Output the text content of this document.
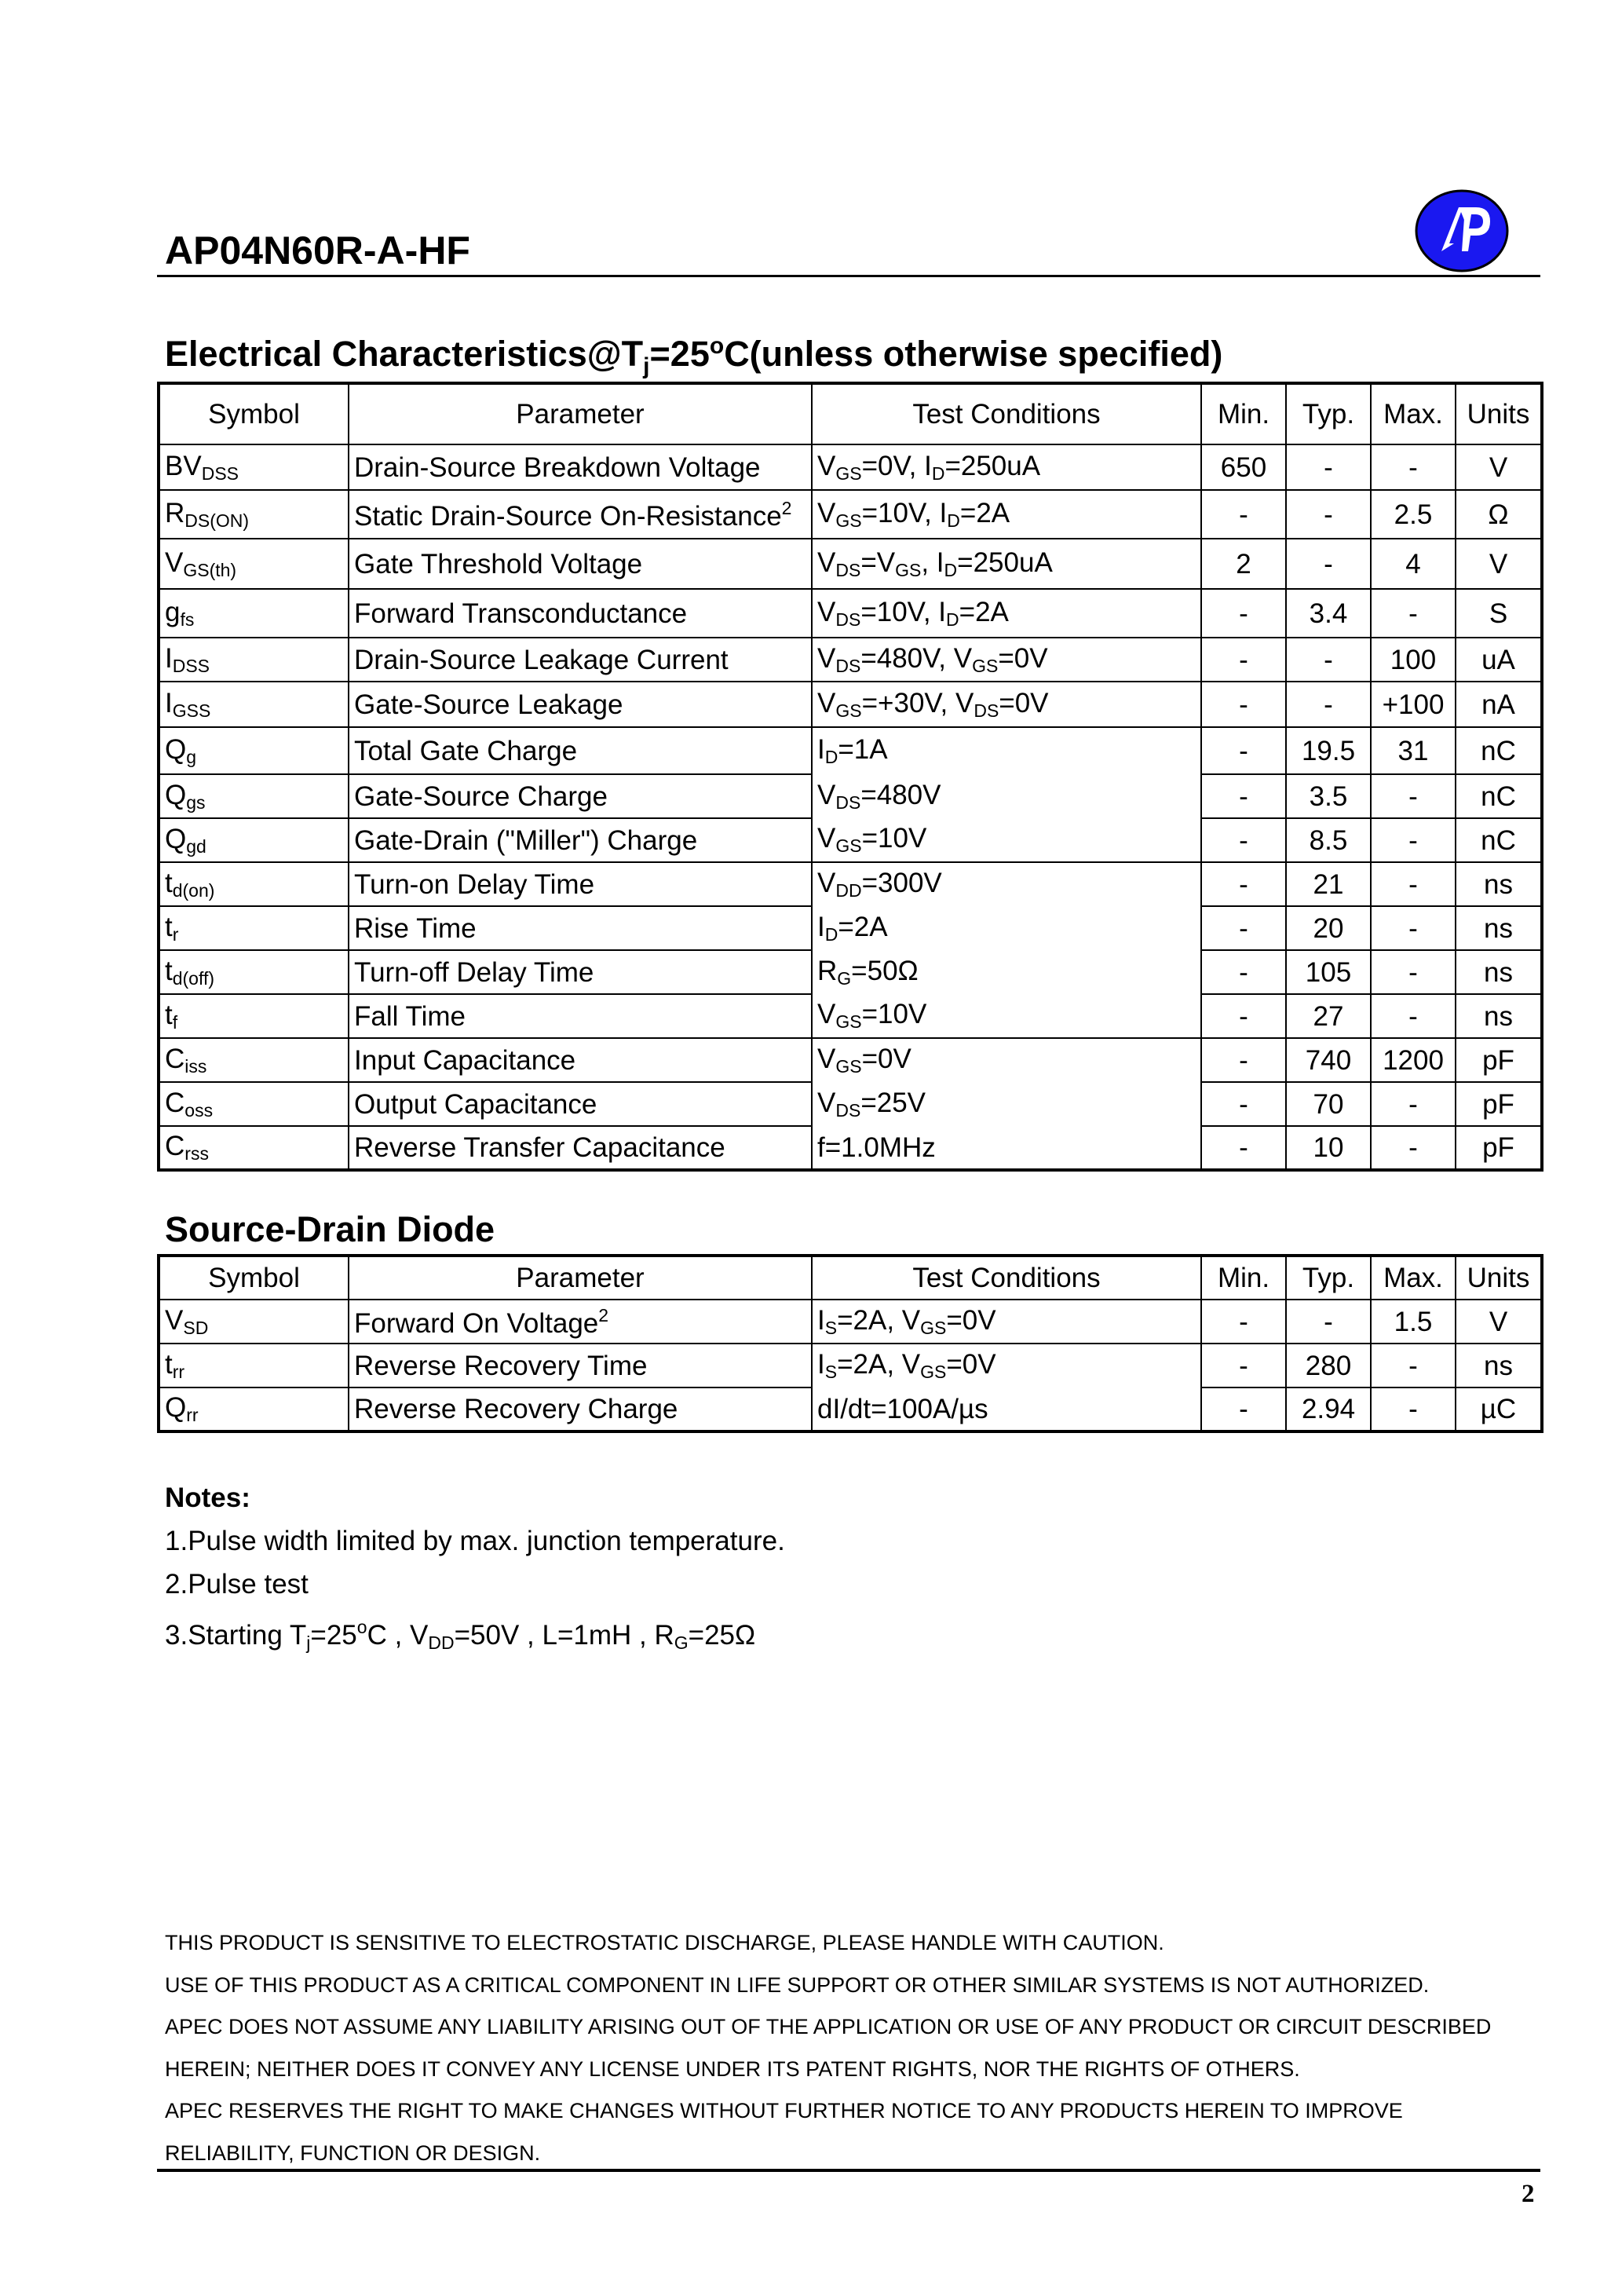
AP04N60R-A-HF
Electrical $Characteristics@T_j=25^oC(unless$ otherwise specified)
Symbol	Parameter	Test Conditions	Min.	Typ.	Max.	Units
$BV_{DSS}$	Drain-Source Breakdown Voltage	$V_{GS}=0V$, $I_D=250uA$	650	-	-	V
$R_{DS(ON)}$	Static Drain-Source On-Resistance$^2$	$V_{GS}=10V$, $I_D=2A$	-	-	2.5	Ω
$V_{GS(th)}$	Gate Threshold Voltage	$V_{DS}=V_{GS}$, $I_D=250uA$	2	-	4	V
$g_{fs}$	Forward Transconductance	$V_{DS}=10V$, $I_D=2A$	-	3.4	-	S
$I_{DSS}$	Drain-Source Leakage Current	$V_{DS}=480V$, $V_{GS}=0V$	-	-	100	uA
$I_{GSS}$	Gate-Source Leakage	$V_{GS}=+30V$, $V_{DS}=0V$	-	-	+100	nA
$Q_g$	Total Gate Charge	$I_D=1A$	-	19.5	31	nC
$Q_{gs}$	Gate-Source Charge	$V_{DS}=480V$	-	3.5	-	nC
$Q_{gd}$	Gate-Drain ("Miller") Charge	$V_{GS}=10V$	-	8.5	-	nC
$t_{d(on)}$	Turn-on Delay Time	$V_{DD}=300V$	-	21	-	ns
$t_r$	Rise Time	$I_D=2A$	-	20	-	ns
$t_{d(off)}$	Turn-off Delay Time	$R_G=50\Omega$	-	105	-	ns
$t_f$	Fall Time	$V_{GS}=10V$	-	27	-	ns
$C_{iss}$	Input Capacitance	$V_{GS}=0V$	-	740	1200	pF
$C_{oss}$	Output Capacitance	$V_{DS}=25V$	-	70	-	pF
$C_{rss}$	Reverse Transfer Capacitance	f=1.0MHz	-	10	-	pF
Source-Drain Diode
Symbol	Parameter	Test Conditions	Min.	Typ.	Max.	Units
$V_{SD}$	Forward On Voltage$^2$	$I_S=2A$, $V_{GS}=0V$	-	-	1.5	V
$t_{rr}$	Reverse Recovery Time	$I_S=2A$, $V_{GS}=0V$	-	280	-	ns
$Q_{rr}$	Reverse Recovery Charge	dI/dt=100A/µs	-	2.94	-	µC
Notes:
1.Pulse width limited by max. junction temperature.
2.Pulse test
3.Starting $T_j=25^oC$ , $V_{DD}=50V$ , L=1mH , $R_G=25\Omega$
THIS PRODUCT IS SENSITIVE TO ELECTROSTATIC DISCHARGE, PLEASE HANDLE WITH CAUTION.
USE OF THIS PRODUCT AS A CRITICAL COMPONENT IN LIFE SUPPORT OR OTHER SIMILAR SYSTEMS IS NOT AUTHORIZED.
APEC DOES NOT ASSUME ANY LIABILITY ARISING OUT OF THE APPLICATION OR USE OF ANY PRODUCT OR CIRCUIT DESCRIBED
HEREIN; NEITHER DOES IT CONVEY ANY LICENSE UNDER ITS PATENT RIGHTS, NOR THE RIGHTS OF OTHERS.
APEC RESERVES THE RIGHT TO MAKE CHANGES WITHOUT FURTHER NOTICE TO ANY PRODUCTS HEREIN TO IMPROVE
RELIABILITY, FUNCTION OR DESIGN.
2
